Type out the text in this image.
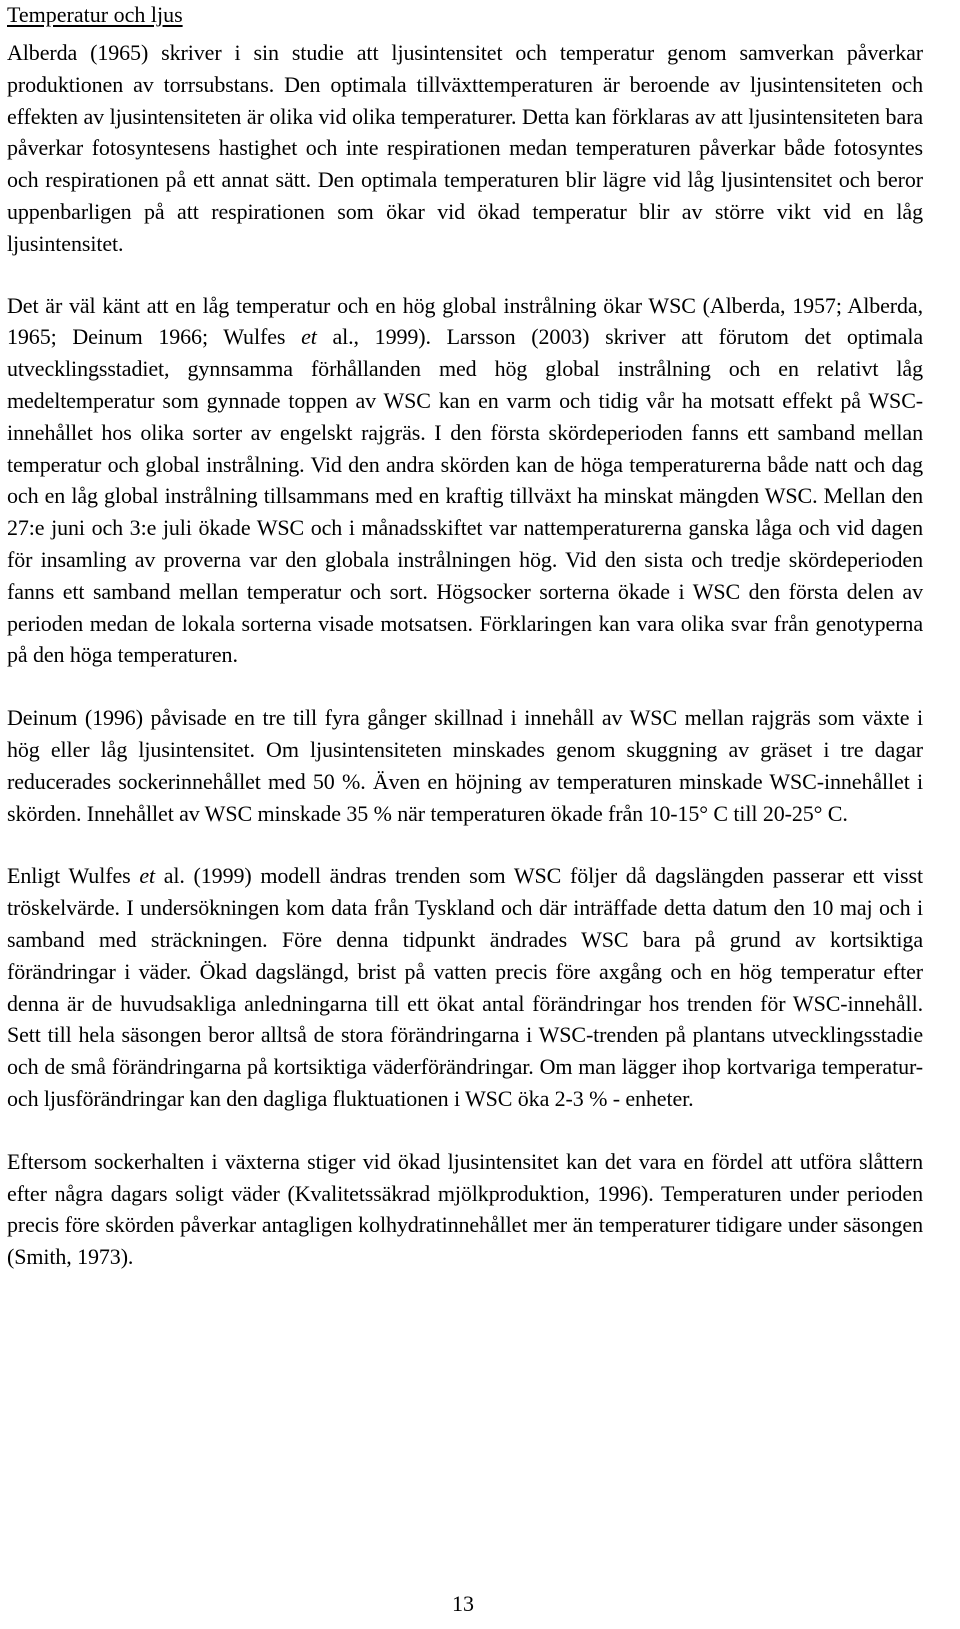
Temperatur och ljus

Alberda (1965) skriver i sin studie att ljusintensitet och temperatur genom samverkan påverkar produktionen av torrsubstans. Den optimala tillväxttemperaturen är beroende av ljusintensiteten och effekten av ljusintensiteten är olika vid olika temperaturer. Detta kan förklaras av att ljusintensiteten bara påverkar fotosyntesens hastighet och inte respirationen medan temperaturen påverkar både fotosyntes och respirationen på ett annat sätt. Den optimala temperaturen blir lägre vid låg ljusintensitet och beror uppenbarligen på att respirationen som ökar vid ökad temperatur blir av större vikt vid en låg ljusintensitet.

Det är väl känt att en låg temperatur och en hög global instrålning ökar WSC (Alberda, 1957; Alberda, 1965; Deinum 1966; Wulfes et al., 1999). Larsson (2003) skriver att förutom det optimala utvecklingsstadiet, gynnsamma förhållanden med hög global instrålning och en relativt låg medeltemperatur som gynnade toppen av WSC kan en varm och tidig vår ha motsatt effekt på WSC-innehållet hos olika sorter av engelskt rajgräs. I den första skördeperioden fanns ett samband mellan temperatur och global instrålning. Vid den andra skörden kan de höga temperaturerna både natt och dag och en låg global instrålning tillsammans med en kraftig tillväxt ha minskat mängden WSC. Mellan den 27:e juni och 3:e juli ökade WSC och i månadsskiftet var nattemperaturerna ganska låga och vid dagen för insamling av proverna var den globala instrålningen hög. Vid den sista och tredje skördeperioden fanns ett samband mellan temperatur och sort. Högsocker sorterna ökade i WSC den första delen av perioden medan de lokala sorterna visade motsatsen. Förklaringen kan vara olika svar från genotyperna på den höga temperaturen.

Deinum (1996) påvisade en tre till fyra gånger skillnad i innehåll av WSC mellan rajgräs som växte i hög eller låg ljusintensitet. Om ljusintensiteten minskades genom skuggning av gräset i tre dagar reducerades sockerinnehållet med 50 %. Även en höjning av temperaturen minskade WSC-innehållet i skörden. Innehållet av WSC minskade 35 % när temperaturen ökade från 10-15° C till 20-25° C.

Enligt Wulfes et al. (1999) modell ändras trenden som WSC följer då dagslängden passerar ett visst tröskelvärde. I undersökningen kom data från Tyskland och där inträffade detta datum den 10 maj och i samband med sträckningen. Före denna tidpunkt ändrades WSC bara på grund av kortsiktiga förändringar i väder. Ökad dagslängd, brist på vatten precis före axgång och en hög temperatur efter denna är de huvudsakliga anledningarna till ett ökat antal förändringar hos trenden för WSC-innehåll. Sett till hela säsongen beror alltså de stora förändringarna i WSC-trenden på plantans utvecklingsstadie och de små förändringarna på kortsiktiga väderförändringar. Om man lägger ihop kortvariga temperatur- och ljusförändringar kan den dagliga fluktuationen i WSC öka 2-3 % - enheter.

Eftersom sockerhalten i växterna stiger vid ökad ljusintensitet kan det vara en fördel att utföra slåttern efter några dagars soligt väder (Kvalitetssäkrad mjölkproduktion, 1996). Temperaturen under perioden precis före skörden påverkar antagligen kolhydratinnehållet mer än temperaturer tidigare under säsongen (Smith, 1973).

13
